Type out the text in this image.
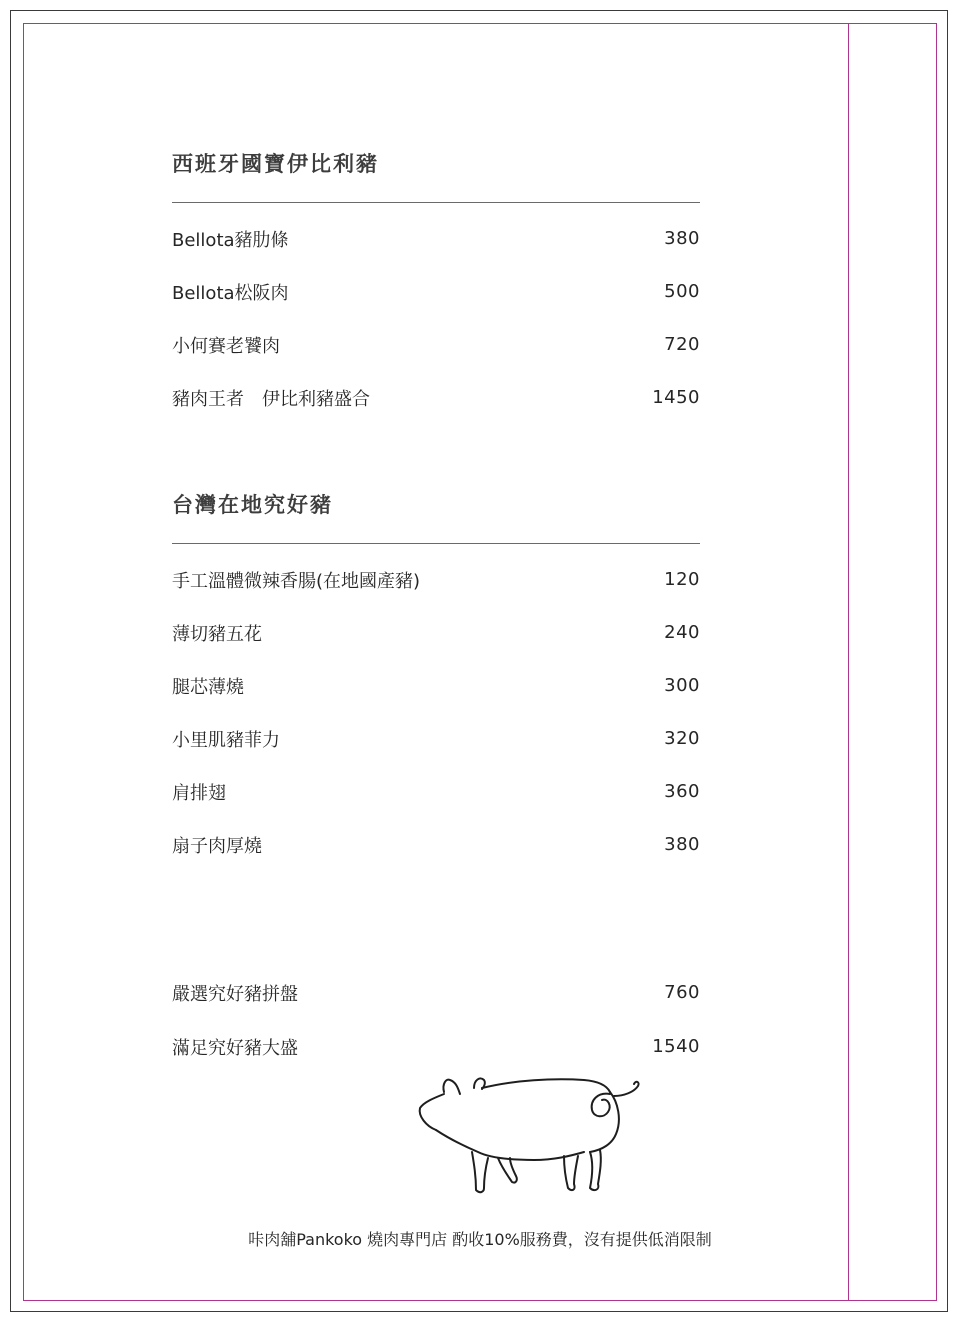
西班牙國寶伊比利豬
Bellota豬肋條	380
Bellota松阪肉	500
小何賽老饕肉	720
豬肉王者　伊比利豬盛合	1450
台灣在地究好豬
手工溫體微辣香腸(在地國產豬)	120
薄切豬五花	240
腿芯薄燒	300
小里肌豬菲力	320
肩排翅	360
扇子肉厚燒	380
嚴選究好豬拼盤	760
滿足究好豬大盛	1540
咔肉舖Pankoko 燒肉專門店 酌收10%服務費，沒有提供低消限制
